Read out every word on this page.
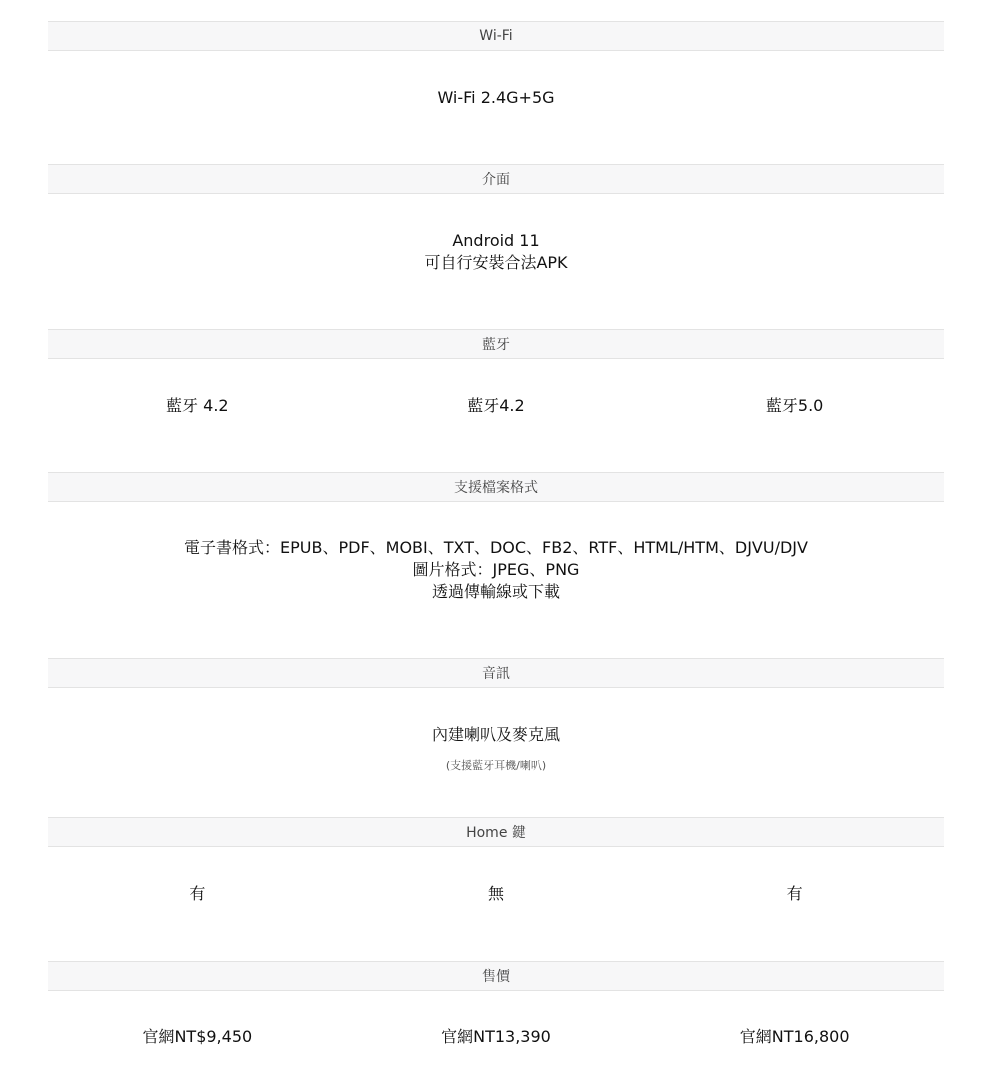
Wi-Fi
Wi-Fi 2.4G+5G
介面
Android 11
可自行安裝合法APK
藍牙
藍牙 4.2	藍牙4.2	藍牙5.0
支援檔案格式
電子書格式：EPUB、PDF、MOBI、TXT、DOC、FB2、RTF、HTML/HTM、DJVU/DJV
圖片格式：JPEG、PNG
透過傳輸線或下載
音訊
內建喇叭及麥克風
(支援藍牙耳機/喇叭)
Home 鍵
有	無	有
售價
官網NT$9,450	官網NT13,390	官網NT16,800
